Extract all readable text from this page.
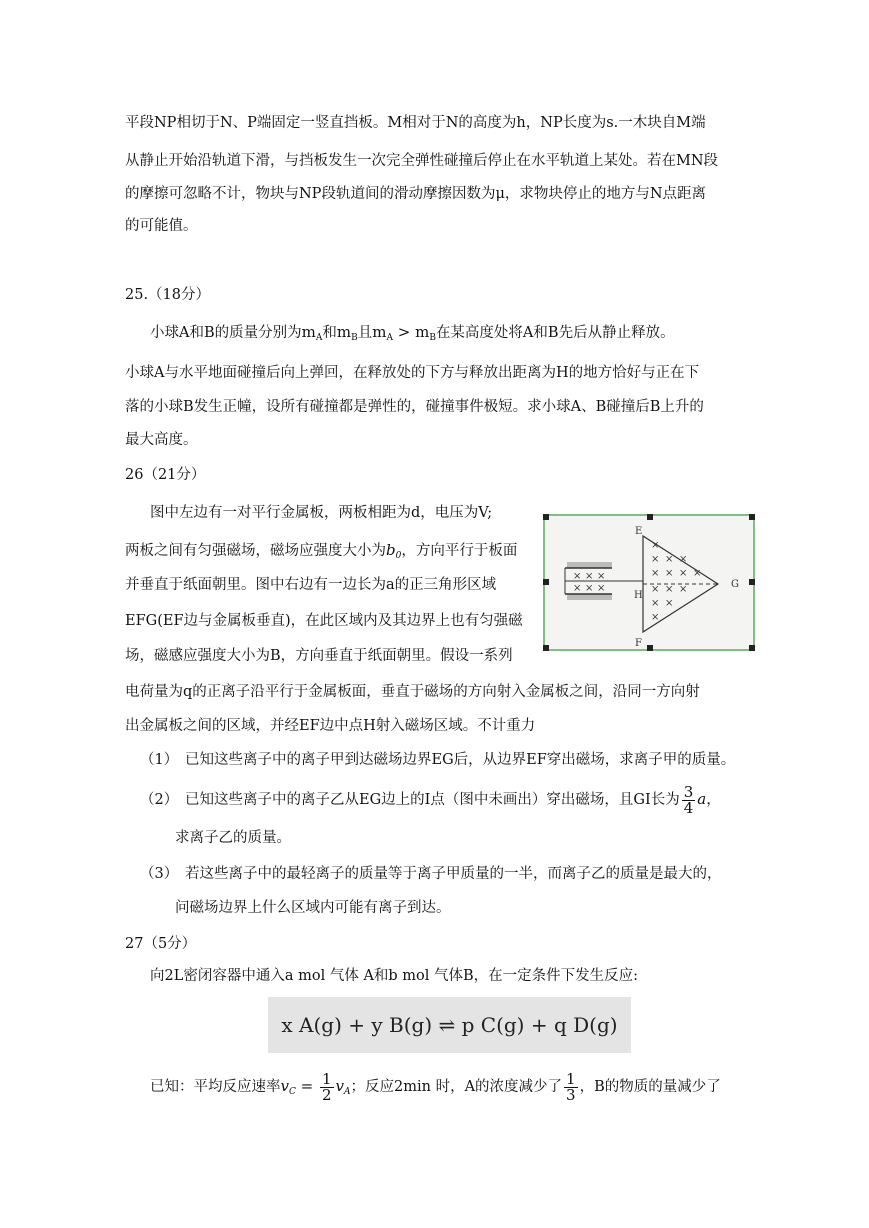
平段NP相切于N、P端固定一竖直挡板。M相对于N的高度为h，NP长度为s.一木块自M端
从静止开始沿轨道下滑，与挡板发生一次完全弹性碰撞后停止在水平轨道上某处。若在MN段
的摩擦可忽略不计，物块与NP段轨道间的滑动摩擦因数为μ，求物块停止的地方与N点距离
的可能值。
25.（18分）
小球A和B的质量分别为$m_A$和$m_B$且$m_A > m_B$在某高度处将A和B先后从静止释放。
小球A与水平地面碰撞后向上弹回，在释放处的下方与释放出距离为H的地方恰好与正在下
落的小球B发生正幢，设所有碰撞都是弹性的，碰撞事件极短。求小球A、B碰撞后B上升的
最大高度。
26（21分）
图中左边有一对平行金属板，两板相距为d，电压为V;
两板之间有匀强磁场，磁场应强度大小为$b_0$，方向平行于板面
并垂直于纸面朝里。图中右边有一边长为a的正三角形区域
EFG(EF边与金属板垂直)，在此区域内及其边界上也有匀强磁
场，磁感应强度大小为B，方向垂直于纸面朝里。假设一系列
电荷量为q的正离子沿平行于金属板面，垂直于磁场的方向射入金属板之间，沿同一方向射
出金属板之间的区域，并经EF边中点H射入磁场区域。不计重力
（1） 已知这些离子中的离子甲到达磁场边界EG后，从边界EF穿出磁场，求离子甲的质量。
（2） 已知这些离子中的离子乙从EG边上的I点（图中未画出）穿出磁场，且GI长为 $\frac{3}{4}$ a，
求离子乙的质量。
（3） 若这些离子中的最轻离子的质量等于离子甲质量的一半，而离子乙的质量是最大的，
问磁场边界上什么区域内可能有离子到达。
× × ×
× × ×
E
F
G
H
×
× × ×
× × × ×
× × ×
× ×
×
27（5分）
向2L密闭容器中通入a mol 气体 A和b mol 气体B，在一定条件下发生反应:
x A(g) + y B(g) ⇌ p C(g) + q D(g)
已知：平均反应速率$v_C = \frac{1}{2} v_A$；反应2min 时，A的浓度减少了 $\frac{1}{3}$ ，B的物质的量减少了
